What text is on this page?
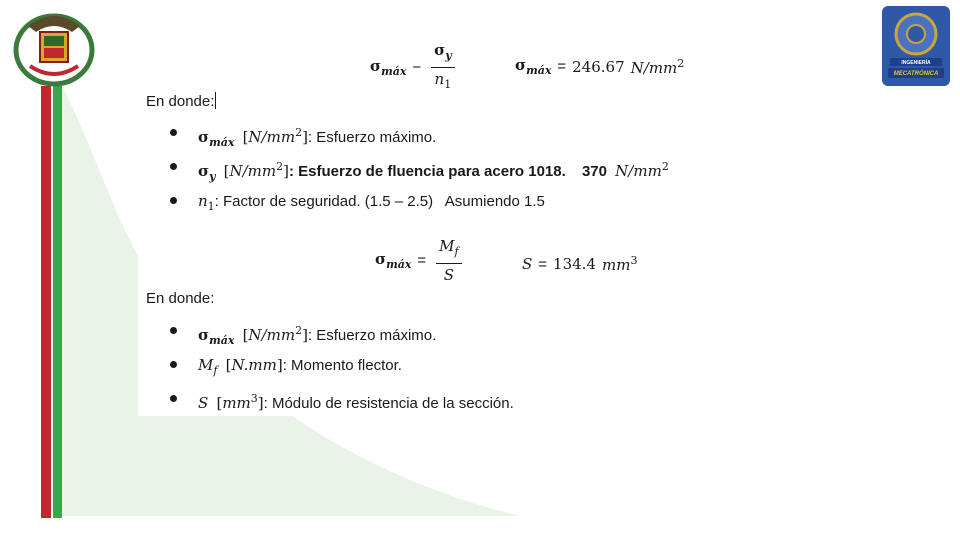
INGENIERÍA
MECATRÓNICA
$\sigma_{máx} - \frac{\sigma_y}{n_1}$	$\sigma_{máx} = 246.67$ $N/mm^2$
En donde:
$\sigma_{máx}$ $[N/mm^2]$: Esfuerzo máximo.
$\sigma_y$ $[N/mm^2]$: Esfuerzo de fluencia para acero 1018. 370 $N/mm^2$
$n_1$: Factor de seguridad. (1.5 – 2.5)   Asumiendo 1.5
$\sigma_{máx} = \frac{M_f}{S}$	S = 134.4 $mm^3$
En donde:
$\sigma_{máx}$ $[N/mm^2]$: Esfuerzo máximo.
$M_f$ [N.mm]: Momento flector.
S $[mm^3]$: Módulo de resistencia de la sección.
